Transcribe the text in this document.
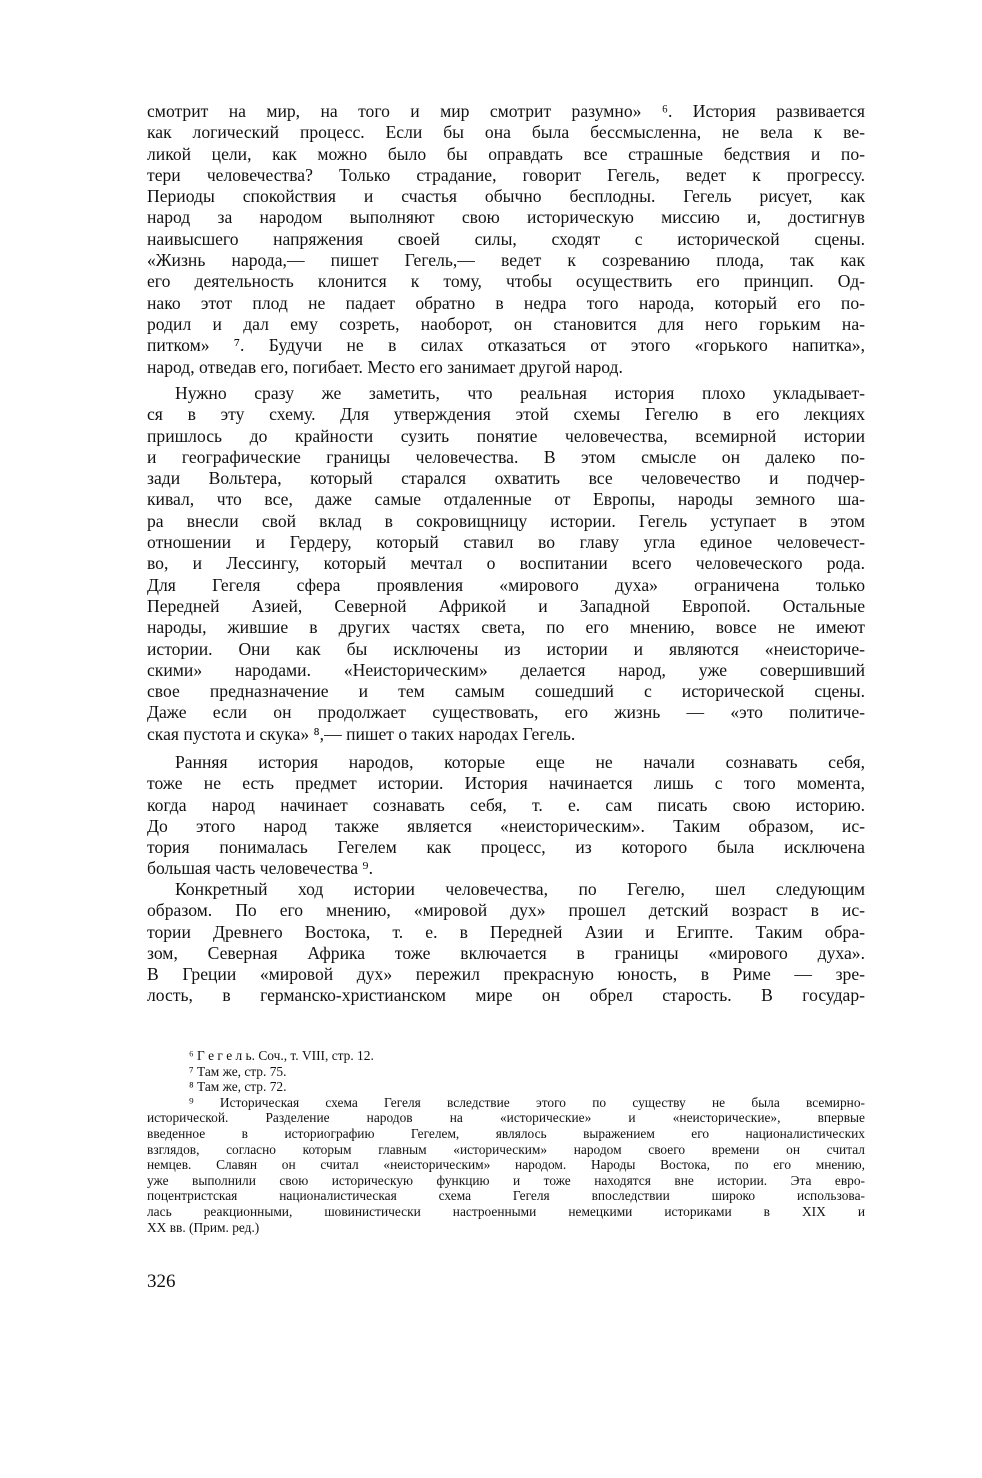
смотрит на мир, на того и мир смотрит разумно» ⁶. История развивается
как логический процесс. Если бы она была бессмысленна, не вела к ве-
ликой цели, как можно было бы оправдать все страшные бедствия и по-
тери человечества? Только страдание, говорит Гегель, ведет к прогрессу.
Периоды спокойствия и счастья обычно бесплодны. Гегель рисует, как
народ за народом выполняют свою историческую миссию и, достигнув
наивысшего напряжения своей силы, сходят с исторической сцены.
«Жизнь народа,— пишет Гегель,— ведет к созреванию плода, так как
его деятельность клонится к тому, чтобы осуществить его принцип. Од-
нако этот плод не падает обратно в недра того народа, который его по-
родил и дал ему созреть, наоборот, он становится для него горьким на-
питком» ⁷. Будучи не в силах отказаться от этого «горького напитка»,
народ, отведав его, погибает. Место его занимает другой народ.
Нужно сразу же заметить, что реальная история плохо укладывает-
ся в эту схему. Для утверждения этой схемы Гегелю в его лекциях
пришлось до крайности сузить понятие человечества, всемирной истории
и географические границы человечества. В этом смысле он далеко по-
зади Вольтера, который старался охватить все человечество и подчер-
кивал, что все, даже самые отдаленные от Европы, народы земного ша-
ра внесли свой вклад в сокровищницу истории. Гегель уступает в этом
отношении и Гердеру, который ставил во главу угла единое человечест-
во, и Лессингу, который мечтал о воспитании всего человеческого рода.
Для Гегеля сфера проявления «мирового духа» ограничена только
Передней Азией, Северной Африкой и Западной Европой. Остальные
народы, жившие в других частях света, по его мнению, вовсе не имеют
истории. Они как бы исключены из истории и являются «неисториче-
скими» народами. «Неисторическим» делается народ, уже совершивший
свое предназначение и тем самым сошедший с исторической сцены.
Даже если он продолжает существовать, его жизнь — «это политиче-
ская пустота и скука» ⁸,— пишет о таких народах Гегель.
Ранняя история народов, которые еще не начали сознавать себя,
тоже не есть предмет истории. История начинается лишь с того момента,
когда народ начинает сознавать себя, т. е. сам писать свою историю.
До этого народ также является «неисторическим». Таким образом, ис-
тория понималась Гегелем как процесс, из которого была исключена
большая часть человечества ⁹.
Конкретный ход истории человечества, по Гегелю, шел следующим
образом. По его мнению, «мировой дух» прошел детский возраст в ис-
тории Древнего Востока, т. е. в Передней Азии и Египте. Таким обра-
зом, Северная Африка тоже включается в границы «мирового духа».
В Греции «мировой дух» пережил прекрасную юность, в Риме — зре-
лость, в германско-христианском мире он обрел старость. В государ-
⁶ Г е г е л ь. Соч., т. VIII, стр. 12.
⁷ Там же, стр. 75.
⁸ Там же, стр. 72.
⁹ Историческая схема Гегеля вследствие этого по существу не была всемирно-
исторической. Разделение народов на «исторические» и «неисторические», впервые
введенное в историографию Гегелем, являлось выражением его националистических
взглядов, согласно которым главным «историческим» народом своего времени он считал
немцев. Славян он считал «неисторическим» народом. Народы Востока, по его мнению,
уже выполнили свою историческую функцию и тоже находятся вне истории. Эта евро-
поцентристская националистическая схема Гегеля впоследствии широко использова-
лась реакционными, шовинистически настроенными немецкими историками в XIX и
XX вв. (Прим. ред.)
326
